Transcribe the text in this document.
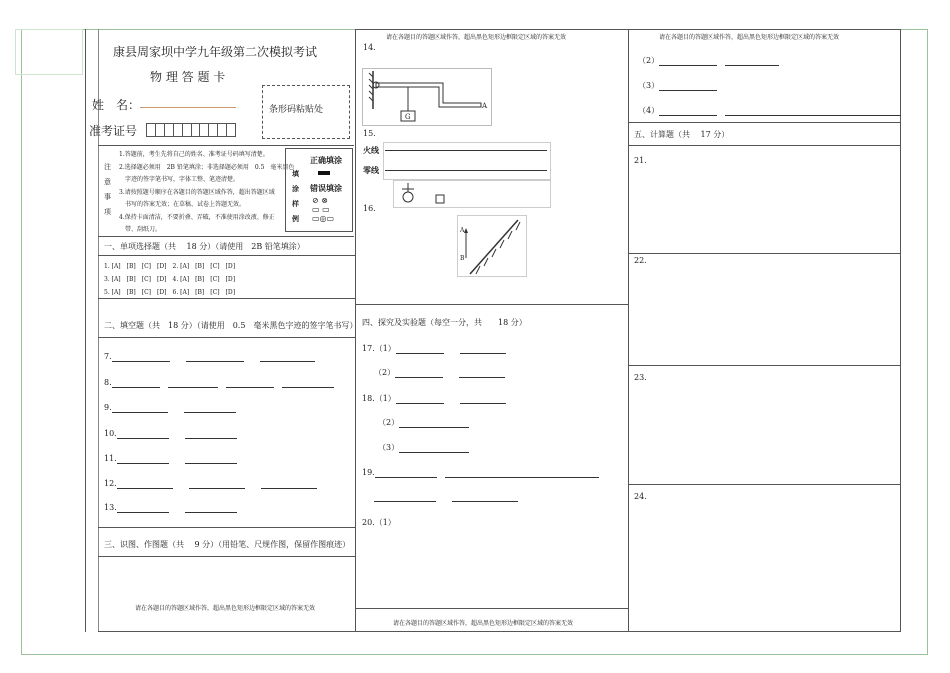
康县周家坝中学九年级第二次模拟考试
物 理 答 题 卡
姓　名：
准考证号
条形码粘贴处
注
意
事
项
1.答题前，考生先将自己的姓名、准考证号码填写清楚。
2.选择题必须用　2B 铅笔填涂；非选择题必须用　0.5　毫米黑色
字迹的签字笔书写，字体工整、笔迹清楚。
3.请按照题号顺序在各题目的答题区域作答，超出答题区域
书写的答案无效；在草稿、试卷上答题无效。
4.保持卡面清洁，不要折叠、弄破，不准使用涂改液、修正
带、刮纸刀。
填
涂
样
例
正确填涂
错误填涂
⊘ ⊗
▭ ▭
▭◎▭
一、单项选择题（共　 18 分）（请使用　2B 铅笔填涂）
1. [A]　[B]　[C]　[D]　 2. [A]　[B]　[C]　[D]
3. [A]　[B]　[C]　[D]　 4. [A]　[B]　[C]　[D]
5. [A]　[B]　[C]　[D]　 6. [A]　[B]　[C]　[D]
二、填空题（共　18 分）（请使用　0.5　毫米黑色字迹的签字笔书写）
7.　　　　
8.　　　
9.　　
10.　　
11.　　
12.　　　　
13.　　
三、识图、作图题（共　 9 分）（用铅笔、尺规作图，保留作图痕迹）
请在各题目的答题区域作答，超出黑色矩形边框限定区域的答案无效
请在各题目的答题区域作答，超出黑色矩形边框限定区域的答案无效
14.
G
A
15.
火线
零线
16.
A
B
四、探究及实验题（每空一分，共　　18 分）
17.（1）　　
（2）　　
18.（1）　　
（2）
（3）
19.　

20.（1）
请在各题目的答题区域作答，超出黑色矩形边框限定区域的答案无效
请在各题目的答题区域作答，超出黑色矩形边框限定区域的答案无效
（2）　
（3）
（4）　
五、计算题（共　 17 分）
21.
22.
23.
24.
